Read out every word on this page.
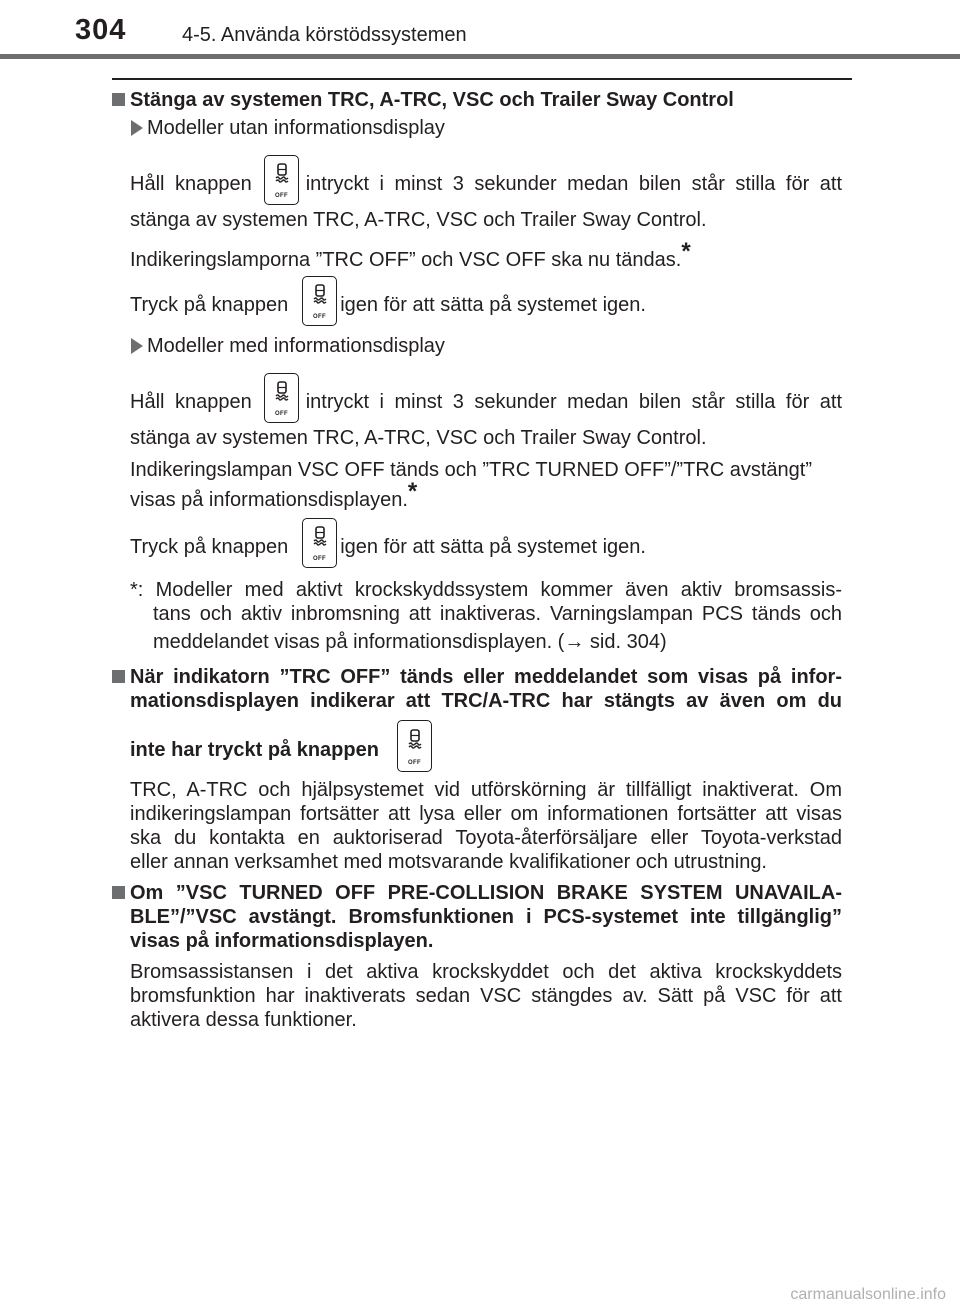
304	4-5. Använda körstödssystemen
Stänga av systemen TRC, A-TRC, VSC och Trailer Sway Control
Modeller utan informationsdisplay
Håll knappen	intryckt i minst 3 sekunder medan bilen står stilla för att
OFF
stänga av systemen TRC, A-TRC, VSC och Trailer Sway Control.
Indikeringslamporna ”TRC OFF” och VSC OFF ska nu tändas.*
Tryck på knappen	igen för att sätta på systemet igen.
OFF
Modeller med informationsdisplay
Håll knappen	intryckt i minst 3 sekunder medan bilen står stilla för att
OFF
stänga av systemen TRC, A-TRC, VSC och Trailer Sway Control.
Indikeringslampan VSC OFF tänds och ”TRC TURNED OFF”/”TRC avstängt”
visas på informationsdisplayen.*
Tryck på knappen	igen för att sätta på systemet igen.
OFF
*: Modeller med aktivt krockskyddssystem kommer även aktiv bromsassis-
tans och aktiv inbromsning att inaktiveras. Varningslampan PCS tänds och
meddelandet visas på informationsdisplayen. (→ sid. 304)
När indikatorn ”TRC OFF” tänds eller meddelandet som visas på infor-
mationsdisplayen indikerar att TRC/A-TRC har stängts av även om du
inte har tryckt på knappen
OFF
TRC, A-TRC och hjälpsystemet vid utförskörning är tillfälligt inaktiverat. Om
indikeringslampan fortsätter att lysa eller om informationen fortsätter att visas
ska du kontakta en auktoriserad Toyota-återförsäljare eller Toyota-verkstad
eller annan verksamhet med motsvarande kvalifikationer och utrustning.
Om ”VSC TURNED OFF PRE-COLLISION BRAKE SYSTEM UNAVAILA-
BLE”/”VSC avstängt. Bromsfunktionen i PCS-systemet inte tillgänglig”
visas på informationsdisplayen.
Bromsassistansen i det aktiva krockskyddet och det aktiva krockskyddets
bromsfunktion har inaktiverats sedan VSC stängdes av. Sätt på VSC för att
aktivera dessa funktioner.
carmanualsonline.info
